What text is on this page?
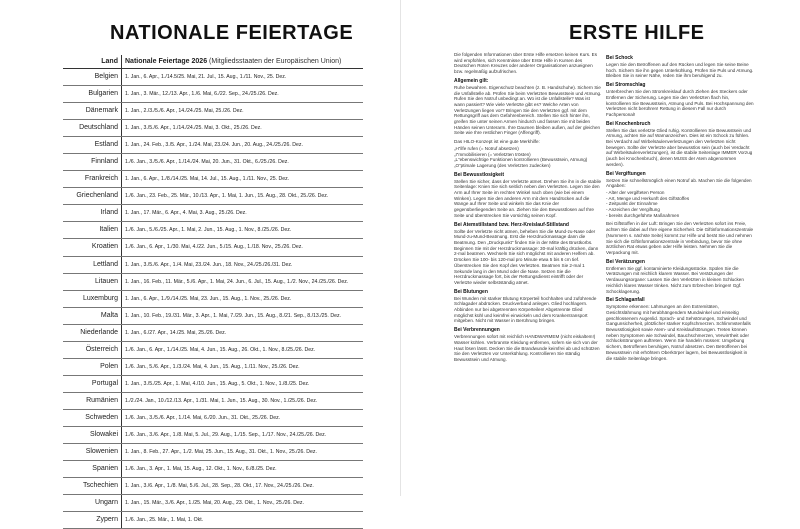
NATIONALE FEIERTAGE
Land	Nationale Feiertage 2026 (Mitgliedsstaaten der Europäischen Union)
Belgien	1. Jan., 6. Apr., 1./14.5/25. Mai, 21. Jul., 15. Aug., 1./11. Nov., 25. Dez.
Bulgarien	1. Jan., 3. Mär., 12./13. Apr., 1./6. Mai, 6./22. Sep., 24./25./26. Dez.
Dänemark	1. Jan., 2./3./5./6. Apr., 14./24./25. Mai, 25./26. Dez.
Deutschland	1. Jan., 3./5./6. Apr., 1./14./24./25. Mai, 3. Okt., 25./26. Dez.
Estland	1. Jan., 24. Feb., 3./5. Apr., 1./24. Mai, 23./24. Jun., 20. Aug., 24./25./26. Dez.
Finnland	1./6. Jan., 3./5./6. Apr., 1./14./24. Mai, 20. Jun., 31. Okt., 6./25./26. Dez.
Frankreich	1. Jan., 6. Apr., 1./8./14./25. Mai, 14. Jul., 15. Aug., 1./11. Nov., 25. Dez.
Griechenland	1./6. Jan., 23. Feb., 25. Mär., 10./13. Apr., 1. Mai, 1. Jun., 15. Aug., 28. Okt., 25./26. Dez.
Irland	1. Jan., 17. Mär., 6. Apr., 4. Mai, 3. Aug., 25./26. Dez.
Italien	1./6. Jan., 5./6./25. Apr., 1. Mai, 2. Jun., 15. Aug., 1. Nov., 8./25./26. Dez.
Kroatien	1./6. Jan., 6. Apr., 1./30. Mai, 4./22. Jun., 5./15. Aug., 1./18. Nov., 25./26. Dez.
Lettland	1. Jan., 3./5./6. Apr., 1./4. Mai, 23./24. Jun., 18. Nov., 24./25./26./31. Dez.
Litauen	1. Jan., 16. Feb., 11. Mär., 5./6. Apr., 1. Mai, 24. Jun., 6. Jul., 15. Aug., 1./2. Nov., 24./25./26. Dez.
Luxemburg	1. Jan., 6. Apr., 1./9./14./25. Mai, 23. Jun., 15. Aug., 1. Nov., 25./26. Dez.
Malta	1. Jan., 10. Feb., 19./31. Mär., 3. Apr., 1. Mai, 7./29. Jun., 15. Aug., 8./21. Sep., 8./13./25. Dez.
Niederlande	1. Jan., 6./27. Apr., 14./25. Mai, 25./26. Dez.
Österreich	1./6. Jan., 6. Apr., 1./14./25. Mai, 4. Jun., 15. Aug., 26. Okt., 1. Nov., 8./25./26. Dez.
Polen	1./6. Jan., 5./6. Apr., 1./3./24. Mai, 4. Jun., 15. Aug., 1./11. Nov., 25./26. Dez.
Portugal	1. Jan., 3./5./25. Apr., 1. Mai, 4./10. Jun., 15. Aug., 5. Okt., 1. Nov., 1./8./25. Dez.
Rumänien	1./2./24. Jan., 10./12./13. Apr., 1./31. Mai, 1. Jun., 15. Aug., 30. Nov., 1./25./26. Dez.
Schweden	1./6. Jan., 3./5./6. Apr., 1./14. Mai, 6./20. Jun., 31. Okt., 25./26. Dez.
Slowakei	1./6. Jan., 3./6. Apr., 1./8. Mai, 5. Jul., 29. Aug., 1./15. Sep., 1./17. Nov., 24./25./26. Dez.
Slowenien	1. Jan., 8. Feb., 27. Apr., 1./2. Mai, 25. Jun., 15. Aug., 31. Okt., 1. Nov., 25./26. Dez.
Spanien	1./6. Jan., 3. Apr., 1. Mai, 15. Aug., 12. Okt., 1. Nov., 6./8./25. Dez.
Tschechien	1. Jan., 3./6. Apr., 1./8. Mai, 5./6. Jul., 28. Sep., 28. Okt., 17. Nov., 24./25./26. Dez.
Ungarn	1. Jan., 15. Mär., 3./6. Apr., 1./25. Mai, 20. Aug., 23. Okt., 1. Nov., 25./26. Dez.
Zypern	1./6. Jan., 25. Mär., 1. Mai, 1. Okt.
ERSTE HILFE

Die folgenden Informationen über Erste Hilfe ersetzen keinen Kurs. Es wird empfohlen, sich Kenntnisse über Erste Hilfe in Kursen des Deutschen Roten Kreuzes oder anderer Organisationen anzueignen bzw. regelmäßig aufzufrischen.

Allgemein gilt:

Ruhe bewahren. Eigenschutz beachten (z. B. Handschuhe). Sichern Sie die Unfallstelle ab. Prüfen Sie beim Verletzten Bewusstsein und Atmung. Rufen Sie den Notruf unbedingt an. Wo ist die Unfallstelle? Was ist wann passiert? Wie viele Verletzte gibt es? Welche Arten von Verletzungen liegen vor? Bringen Sie den Verletzten ggf. mit dem Rettungsgriff aus dem Gefahrenbereich. Stellen Sie sich hinter ihn, greifen Sie unter seinen Armen hindurch und fassen Sie mit beiden Händen seinen Unterarm. Ihre Daumen bleiben außen, auf der gleichen Seite wie Ihre restlichen Finger (Affengriff).

Das HILO-Konzept ist eine gute Merkhilfe:

„H“ilfe rufen (= Notruf absetzen)
„I“mmobilisieren (= Verletzten trösten)
„L“ebenswichtige Funktionen kontrollieren (Bewusstsein, Atmung)
„O“ptimale Lagerung (des Verletzten zudecken)
Bei Bewusstlosigkeit

Stellen Sie sicher, dass der Verletzte atmet. Drehen Sie ihn in die stabile Seitenlage: Knien Sie sich seitlich neben den Verletzten. Legen Sie den Arm auf Ihrer Seite im rechten Winkel nach oben (wie bei einem Winken). Legen Sie den anderen Arm mit dem Handrücken auf die Wange auf Ihrer Seite und winkeln Sie das Knie der gegenüberliegenden Seite an. Ziehen Sie den Bewusstlosen auf Ihre Seite und überstrecken Sie vorsichtig seinen Kopf.

Bei Atemstillstand bzw. Herz-Kreislauf-Stillstand

Sollte der Verletzte nicht atmen, beheben Sie die Mund-zu-Nase oder Mund-zu-Mund-Beatmung. Erst die Herzdruckmassage dann die Beatmung. Den „Druckpunkt“ finden Sie in der Mitte des Brustkorbs. Beginnen Sie mit der Herzdruckmassage: 30-mal kräftig drücken, dann 2-mal beatmen. Wechseln Sie sich möglichst mit anderen Helfern ab. Drücken Sie 100- bis 120-mal pro Minute etwa 5 bis 6 cm tief. Überstrecken Sie den Kopf des Verletzten. Beatmen Sie 2-mal 1 Sekunde lang in den Mund oder die Nase. Setzen Sie die Herzdruckmassage fort, bis der Rettungsdienst eintrifft oder der Verletzte wieder selbstständig atmet.

Bei Blutungen

Bei Wunden mit starker Blutung Körperteil hochhalten und zuführende Schlagader abdrücken. Druckverband anlegen. Glied hochlagern. Abbinden nur bei abgetrennten Körperteilen! Abgetrennte Glied möglichst kühl und keimfrei einwickeln und dem Krankentransport mitgeben. Nicht mit Wasser in Berührung bringen.

Bei Verbrennungen

Verbrennungen sofort mit reichlich HANDWARMEM (nicht eiskaltem!) Wasser kühlen. Verbrannte Kleidung entfernen, sofern sie sich von der Haut lösen lässt. Decken Sie die Brandwunde keimfrei ab und schützen Sie den Verletzten vor Unterkühlung. Kontrollieren Sie ständig Bewusstsein und Atmung.

Bei Schock

Legen Sie den Betroffenen auf den Rücken und legen Sie seine Beine hoch. Sichern Sie ihn gegen Unterkühlung. Prüfen Sie Puls und Atmung. Bleiben Sie in seiner Nähe, reden Sie ihm beruhigend zu.

Bei Stromschlag

Unterbrechen Sie den Stromkreislauf durch Ziehen des Steckers oder Entfernen der Sicherung. Legen Sie den Verletzten flach hin, kontrollieren Sie Bewusstsein, Atmung und Puls. Bei Hochspannung den Verletzten nicht berühren! Rettung in diesem Fall nur durch Fachpersonal!

Bei Knochenbruch

Stellen Sie das verletzte Glied ruhig. Kontrollieren Sie Bewusstsein und Atmung, achten Sie auf Warnanzeichen. Dies ist ein Schock zu fühlen. Bei Verdacht auf Wirbelsäulenverletzungen den Verletzten nicht bewegen. Sollte der Verletzte aber bewusstlos sein (auch bei Verdacht auf Wirbelsäulenverletzungen), ist die stabile Seitenlage IMMER Vorzug (auch bei Knochenbruch), denen MUSS der Atem abgenommen werden).

Bei Vergiftungen

Setzen Sie schnellstmöglich einen Notruf ab. Machen Sie die folgenden Angaben:

- Alter der vergifteten Person
- Art, Menge und Herkunft des Giftstoffes
- Zeitpunkt der Einnahme
- Anzeichen der Vergiftung
- bereits durchgeführte Maßnahmen

Bei Giftstoffen in der Luft: Bringen Sie den Verletzten sofort ins Freie, achten Sie dabei auf Ihre eigene Sicherheit. Die Giftinformationszentrale (Nummern s. nächste Seite) kommt zur Hilfe und berät Sie und nehmen Sie sich die Giftinformationszentrale in Verbindung, bevor Sie ohne ärztlichen Rat etwas geben oder Hilfe leisten. Nehmen Sie die Verpackung mit.

Bei Verätzungen

Entfernen Sie ggf. kontaminierte Kleidungsstücke. Spülen Sie die Verätzungen mit reichlich klarem Wasser. Bei Verätzungen der Verdauungsorgane: Lassen Sie den Verletzten in kleinen Schlucken reichlich klares Wasser trinken. Nicht zum Erbrechen bringen! Ggf. Schocklagerung.

Bei Schlaganfall

Symptome erkennen: Lähmungen an den Extremitäten, Gesichtslähmung mit herabhängendem Mundwinkel und einseitig geschlossenem Augenlid. Sprach- und Sehstörungen, Schwindel und Gangunsicherheit, plötzlicher starker Kopfschmerzen. Schlimmstenfalls Bewusstlosigkeit sowie Atem- und Kreislaufstörungen. Treten können neben Symptomen wie Schwindel, Bauchschmerzen, Verwirrtheit oder Schluckstörungen auftreten. Wenn Sie handeln müssen: Umgebung sichern, Betroffenen beruhigen, Notruf absetzen. Den Betroffenen bei Bewusstsein mit erhöhtem Oberkörper lagern, bei Bewusstlosigkeit in die stabile Seitenlage bringen.
